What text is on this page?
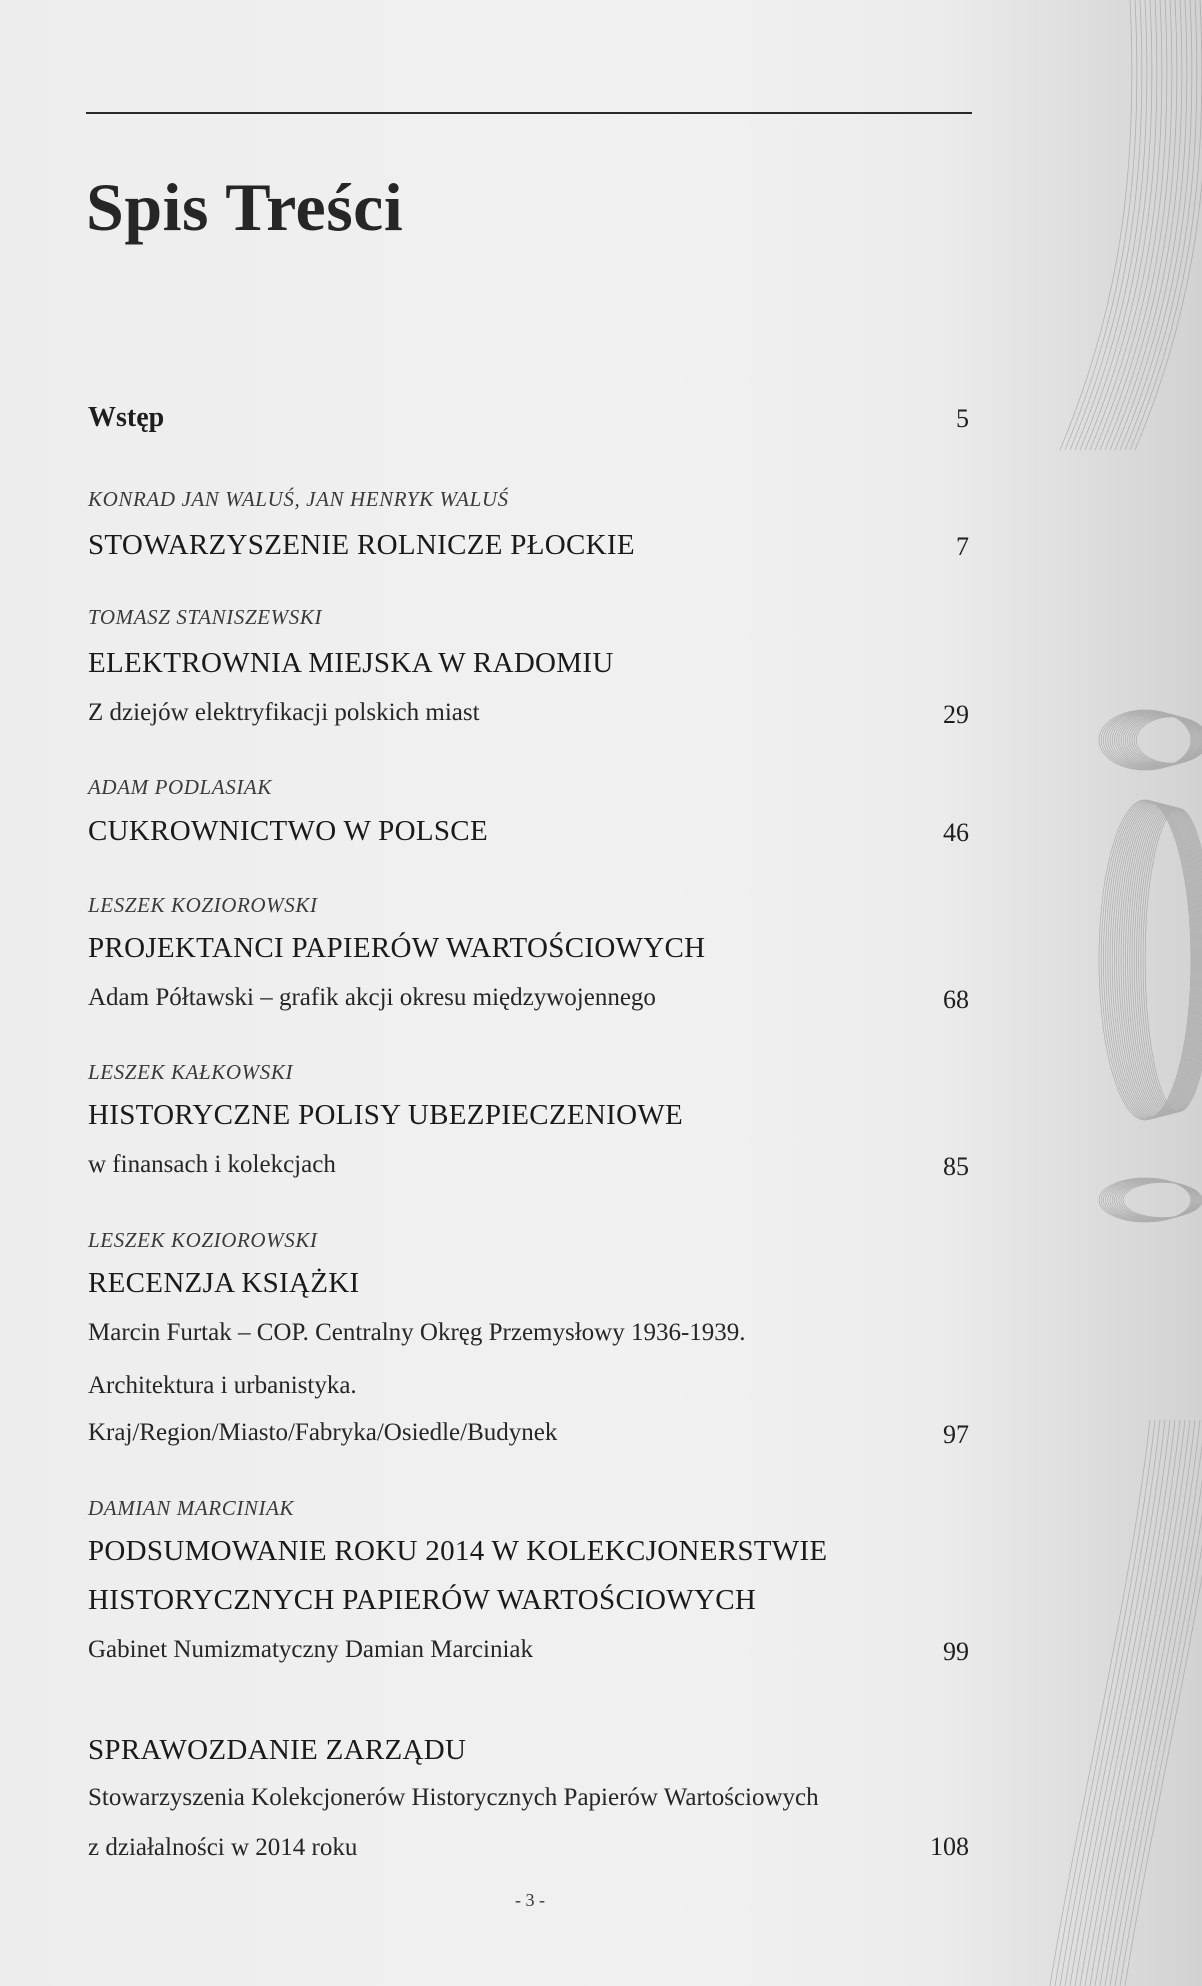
Spis Treści
Wstęp	5
KONRAD JAN WALUŚ, JAN HENRYK WALUŚ
STOWARZYSZENIE ROLNICZE PŁOCKIE	7
TOMASZ STANISZEWSKI
ELEKTROWNIA MIEJSKA W RADOMIU
Z dziejów elektryfikacji polskich miast	29
ADAM PODLASIAK
CUKROWNICTWO W POLSCE	46
LESZEK KOZIOROWSKI
PROJEKTANCI PAPIERÓW WARTOŚCIOWYCH
Adam Półtawski – grafik akcji okresu międzywojennego	68
LESZEK KAŁKOWSKI
HISTORYCZNE POLISY UBEZPIECZENIOWE
w finansach i kolekcjach	85
LESZEK KOZIOROWSKI
RECENZJA KSIĄŻKI
Marcin Furtak – COP. Centralny Okręg Przemysłowy 1936-1939.
Architektura i urbanistyka.
Kraj/Region/Miasto/Fabryka/Osiedle/Budynek	97
DAMIAN MARCINIAK
PODSUMOWANIE ROKU 2014 W KOLEKCJONERSTWIE
HISTORYCZNYCH PAPIERÓW WARTOŚCIOWYCH
Gabinet Numizmatyczny Damian Marciniak	99
SPRAWOZDANIE ZARZĄDU
Stowarzyszenia Kolekcjonerów Historycznych Papierów Wartościowych
z działalności w 2014 roku	108
- 3 -
